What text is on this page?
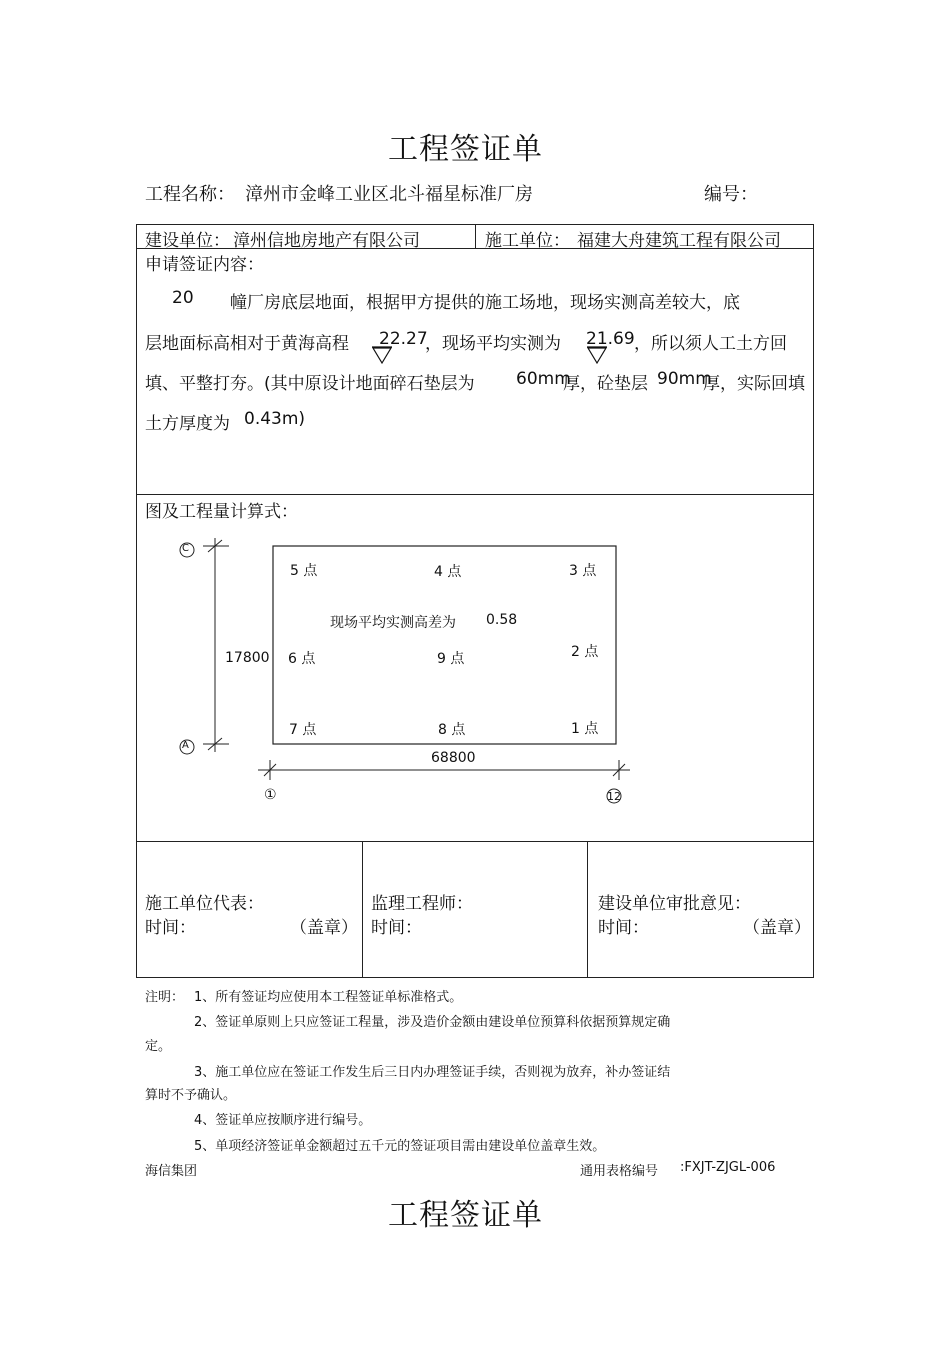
工程签证单
工程名称： 漳州市金峰工业区北斗福星标准厂房	编号：
建设单位： 漳州信地房地产有限公司	施工单位： 福建大舟建筑工程有限公司
申请签证内容：
20 幢厂房底层地面，根据甲方提供的施工场地，现场实测高差较大，底
层地面标高相对于黄海高程 22.27
，现场平均实测为 21.69 ，所以须人工土方回
填、平整打夯。(其中原设计地面碎石垫层为 60mm
厚，砼垫层 90mm
厚，实际回填
土方厚度为 0.43m)
图及工程量计算式：
C
A
①	12
17800
68800
5 点	4 点	3 点
现场平均实测高差为 0.58
2 点
6 点	9 点
7 点	8 点	1 点
施工单位代表：
时间：	（盖章）
监理工程师：
时间：
建设单位审批意见：
时间：	（盖章）
注明： 1、所有签证均应使用本工程签证单标准格式。
2、签证单原则上只应签证工程量，涉及造价金额由建设单位预算科依据预算规定确
定。
3、施工单位应在签证工作发生后三日内办理签证手续，否则视为放弃，补办签证结
算时不予确认。
4、签证单应按顺序进行编号。
5、单项经济签证单金额超过五千元的签证项目需由建设单位盖章生效。
海信集团	通用表格编号 :FXJT-ZJGL-006
工程签证单
